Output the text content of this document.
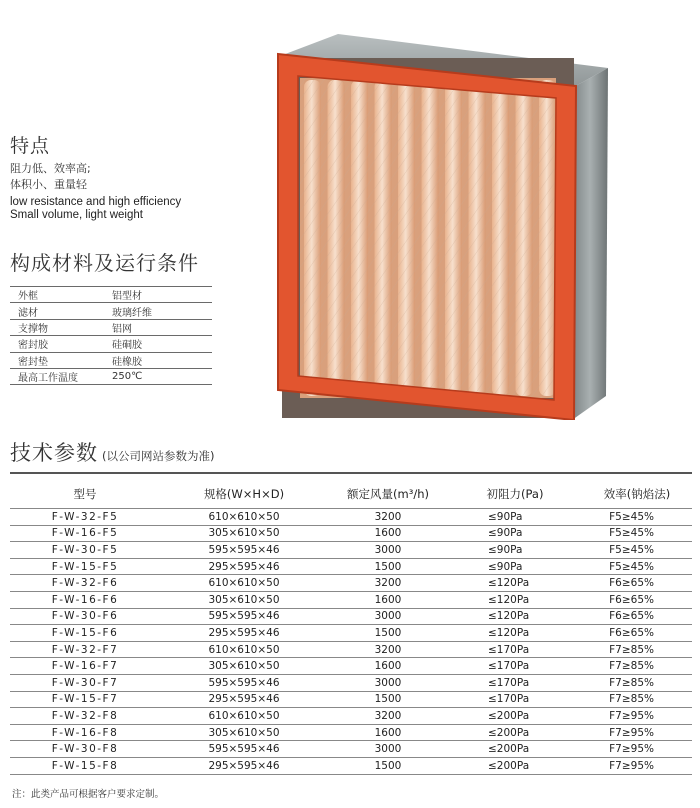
特点
阻力低、效率高;
体积小、重量轻
low resistance and high efficiency
Small volume, light weight
构成材料及运行条件
外框	铝型材
滤材	玻璃纤维
支撑物	铝网
密封胶	硅硐胶
密封垫	硅橡胶
最高工作温度	250℃
技术参数 (以公司网站参数为准)
型号	规格(W×H×D)	额定风量(m³/h)	初阻力(Pa)	效率(钠焰法)
F-W-32-F5	610×610×50	3200	≤90Pa	F5≥45%
F-W-16-F5	305×610×50	1600	≤90Pa	F5≥45%
F-W-30-F5	595×595×46	3000	≤90Pa	F5≥45%
F-W-15-F5	295×595×46	1500	≤90Pa	F5≥45%
F-W-32-F6	610×610×50	3200	≤120Pa	F6≥65%
F-W-16-F6	305×610×50	1600	≤120Pa	F6≥65%
F-W-30-F6	595×595×46	3000	≤120Pa	F6≥65%
F-W-15-F6	295×595×46	1500	≤120Pa	F6≥65%
F-W-32-F7	610×610×50	3200	≤170Pa	F7≥85%
F-W-16-F7	305×610×50	1600	≤170Pa	F7≥85%
F-W-30-F7	595×595×46	3000	≤170Pa	F7≥85%
F-W-15-F7	295×595×46	1500	≤170Pa	F7≥85%
F-W-32-F8	610×610×50	3200	≤200Pa	F7≥95%
F-W-16-F8	305×610×50	1600	≤200Pa	F7≥95%
F-W-30-F8	595×595×46	3000	≤200Pa	F7≥95%
F-W-15-F8	295×595×46	1500	≤200Pa	F7≥95%
注：此类产品可根据客户要求定制。
